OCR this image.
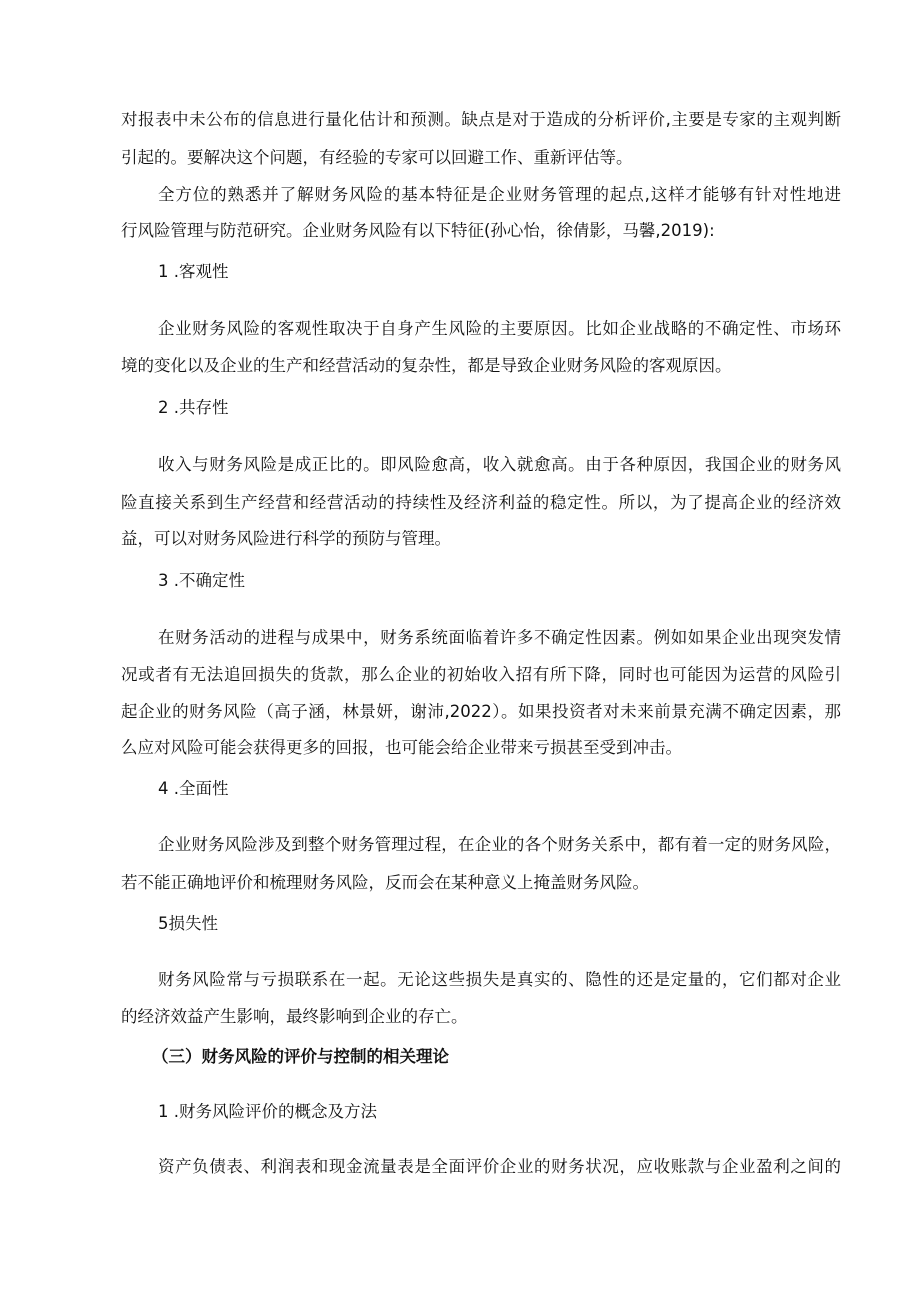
对报表中未公布的信息进行量化估计和预测。缺点是对于造成的分析评价,主要是专家的主观判断
引起的。要解决这个问题，有经验的专家可以回避工作、重新评估等。
全方位的熟悉并了解财务风险的基本特征是企业财务管理的起点,这样才能够有针对性地进
行风险管理与防范研究。企业财务风险有以下特征(孙心怡，徐倩影，马馨,2019):
1 .客观性
企业财务风险的客观性取决于自身产生风险的主要原因。比如企业战略的不确定性、市场环
境的变化以及企业的生产和经营活动的复杂性，都是导致企业财务风险的客观原因。
2 .共存性
收入与财务风险是成正比的。即风险愈高，收入就愈高。由于各种原因，我国企业的财务风
险直接关系到生产经营和经营活动的持续性及经济利益的稳定性。所以，为了提高企业的经济效
益，可以对财务风险进行科学的预防与管理。
3 .不确定性
在财务活动的进程与成果中，财务系统面临着许多不确定性因素。例如如果企业出现突发情
况或者有无法追回损失的货款，那么企业的初始收入招有所下降，同时也可能因为运营的风险引
起企业的财务风险（高子涵，林景妍，谢沛,2022）。如果投资者对未来前景充满不确定因素，那
么应对风险可能会获得更多的回报，也可能会给企业带来亏损甚至受到冲击。
4 .全面性
企业财务风险涉及到整个财务管理过程，在企业的各个财务关系中，都有着一定的财务风险，
若不能正确地评价和梳理财务风险，反而会在某种意义上掩盖财务风险。
5损失性
财务风险常与亏损联系在一起。无论这些损失是真实的、隐性的还是定量的，它们都对企业
的经济效益产生影响，最终影响到企业的存亡。
（三）财务风险的评价与控制的相关理论
1 .财务风险评价的概念及方法
资产负债表、利润表和现金流量表是全面评价企业的财务状况，应收账款与企业盈利之间的
